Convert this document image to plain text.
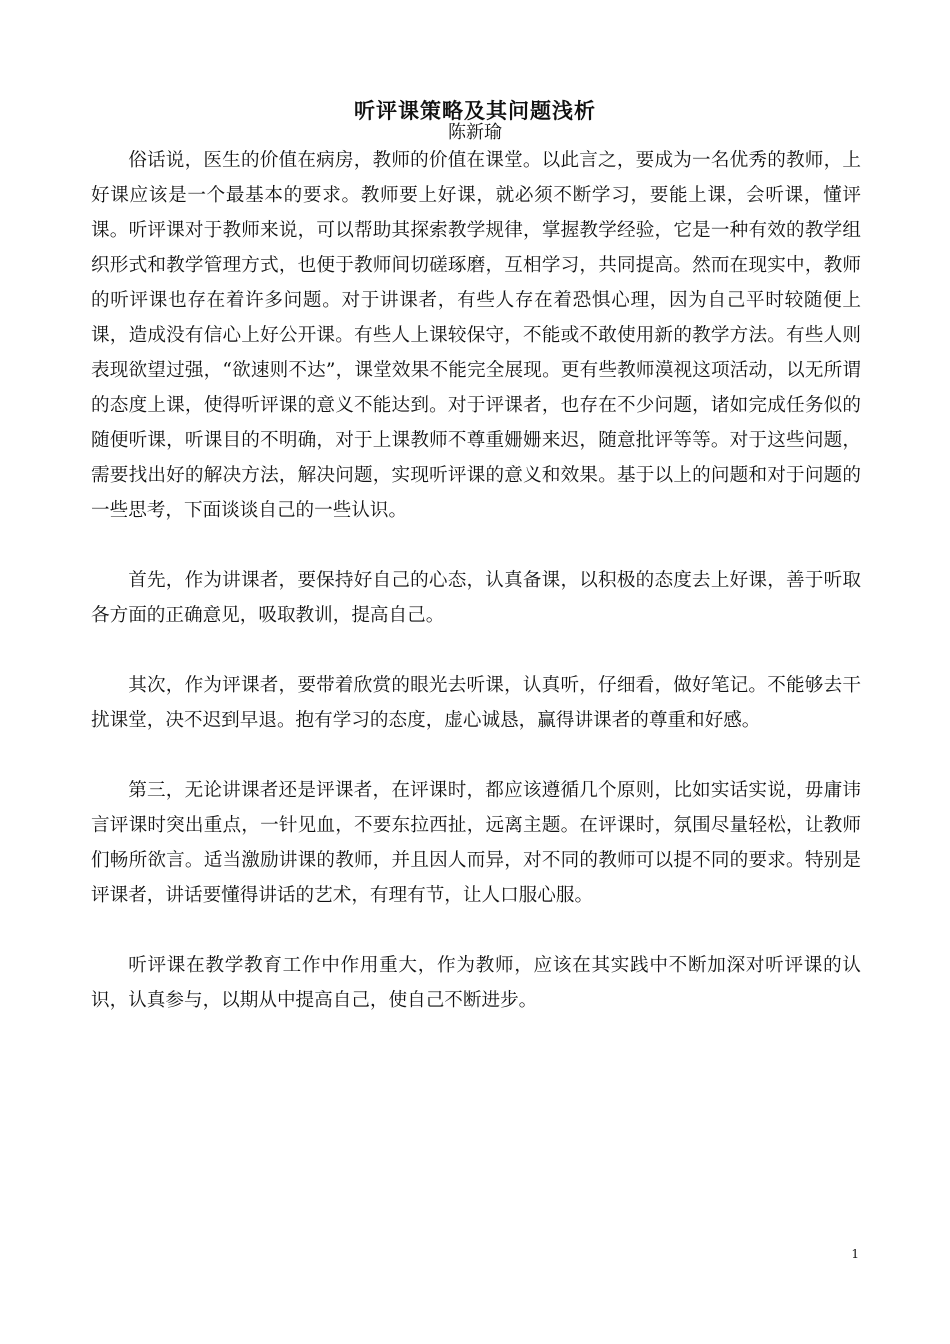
听评课策略及其问题浅析
陈新瑜

俗话说，医生的价值在病房，教师的价值在课堂。以此言之，要成为一名优秀的教师，上好课应该是一个最基本的要求。教师要上好课，就必须不断学习，要能上课，会听课，懂评课。听评课对于教师来说，可以帮助其探索教学规律，掌握教学经验，它是一种有效的教学组织形式和教学管理方式，也便于教师间切磋琢磨，互相学习，共同提高。然而在现实中，教师的听评课也存在着许多问题。对于讲课者，有些人存在着恐惧心理，因为自己平时较随便上课，造成没有信心上好公开课。有些人上课较保守，不能或不敢使用新的教学方法。有些人则表现欲望过强，“欲速则不达”，课堂效果不能完全展现。更有些教师漠视这项活动，以无所谓的态度上课，使得听评课的意义不能达到。对于评课者，也存在不少问题，诸如完成任务似的随便听课，听课目的不明确，对于上课教师不尊重姗姗来迟，随意批评等等。对于这些问题，需要找出好的解决方法，解决问题，实现听评课的意义和效果。基于以上的问题和对于问题的一些思考，下面谈谈自己的一些认识。

首先，作为讲课者，要保持好自己的心态，认真备课，以积极的态度去上好课，善于听取各方面的正确意见，吸取教训，提高自己。

其次，作为评课者，要带着欣赏的眼光去听课，认真听，仔细看，做好笔记。不能够去干扰课堂，决不迟到早退。抱有学习的态度，虚心诚恳，赢得讲课者的尊重和好感。

第三，无论讲课者还是评课者，在评课时，都应该遵循几个原则，比如实话实说，毋庸讳言评课时突出重点，一针见血，不要东拉西扯，远离主题。在评课时，氛围尽量轻松，让教师们畅所欲言。适当激励讲课的教师，并且因人而异，对不同的教师可以提不同的要求。特别是评课者，讲话要懂得讲话的艺术，有理有节，让人口服心服。

听评课在教学教育工作中作用重大，作为教师，应该在其实践中不断加深对听评课的认识，认真参与，以期从中提高自己，使自己不断进步。

1
